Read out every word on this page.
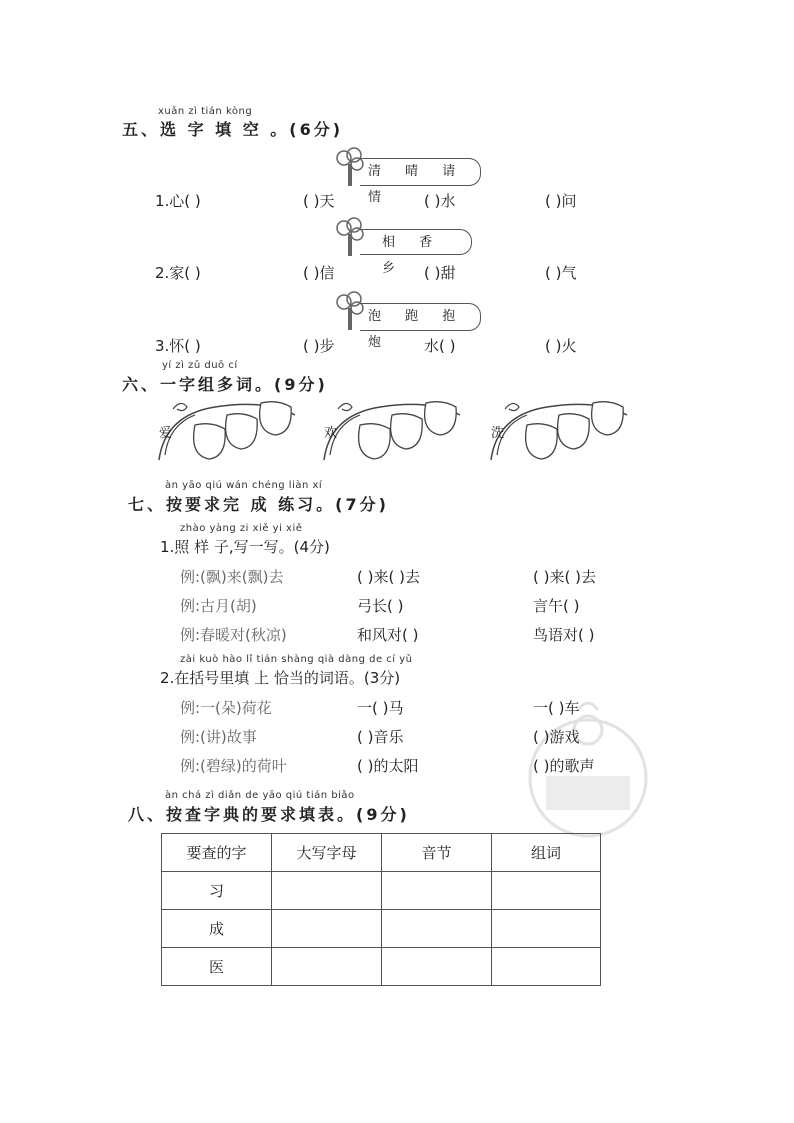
xuǎn zì tián kòng
五、选 字 填 空 。(6分)
清 晴 请 情
1.心( )	( )天	( )水	( )问
相 香 乡
2.家( )	( )信	( )甜	( )气
泡 跑 抱 炮
3.怀( )	( )步	水( )	( )火
yí zì zǔ duō cí
六、一字组多词。(9分)
爱	欢	洗
àn yāo qiú wán chéng liàn xí
七、按要求完 成 练习。(7分)
zhào yàng zi xiě yi xiě
1.照 样 子,写一写。(4分)
例:(飘)来(飘)去	( )来( )去	( )来( )去
例:古月(胡)	弓长( )	言午( )
例:春暖对(秋凉)	和风对( )	鸟语对( )
zài kuò hào lǐ tián shàng qià dàng de cí yǔ
2.在括号里填 上 恰当的词语。(3分)
例:一(朵)荷花	一( )马	一( )车
例:(讲)故事	( )音乐	( )游戏
例:(碧绿)的荷叶	( )的太阳	( )的歌声
àn chá zì diǎn de yāo qiú tián biǎo
八、按查字典的要求填表。(9分)
要查的字	大写字母	音节	组词
习			
成			
医			
